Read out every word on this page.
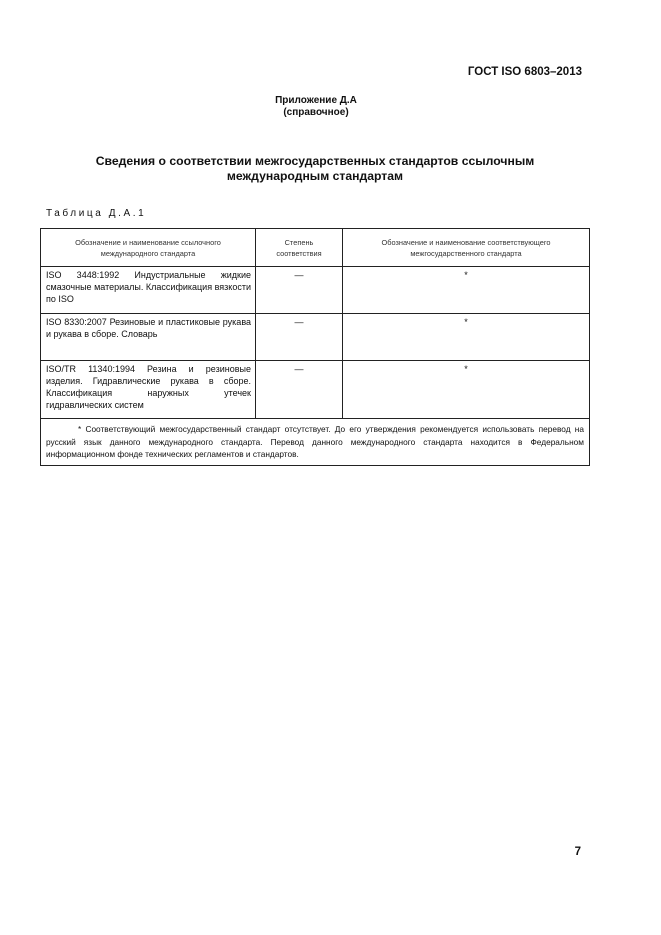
ГОСТ ISO 6803–2013
Приложение Д.А
(справочное)
Сведения о соответствии межгосударственных стандартов ссылочным
международным стандартам
Таблица Д.А.1
Обозначение и наименование ссылочного международного стандарта	Степень соответствия	Обозначение и наименование соответствующего межгосударственного стандарта
ISO 3448:1992 Индустриальные жидкие смазочные материалы. Классификация вязкости по ISO	—	*
ISO 8330:2007 Резиновые и пластиковые рукава и рукава в сборе. Словарь	—	*
ISO/TR 11340:1994 Резина и резиновые изделия. Гидравлические рукава в сборе. Классификация наружных утечек гидравлических систем	—	*
* Соответствующий межгосударственный стандарт отсутствует. До его утверждения рекомендуется использовать перевод на русский язык данного международного стандарта. Перевод данного международного стандарта находится в Федеральном информационном фонде технических регламентов и стандартов.		
7
